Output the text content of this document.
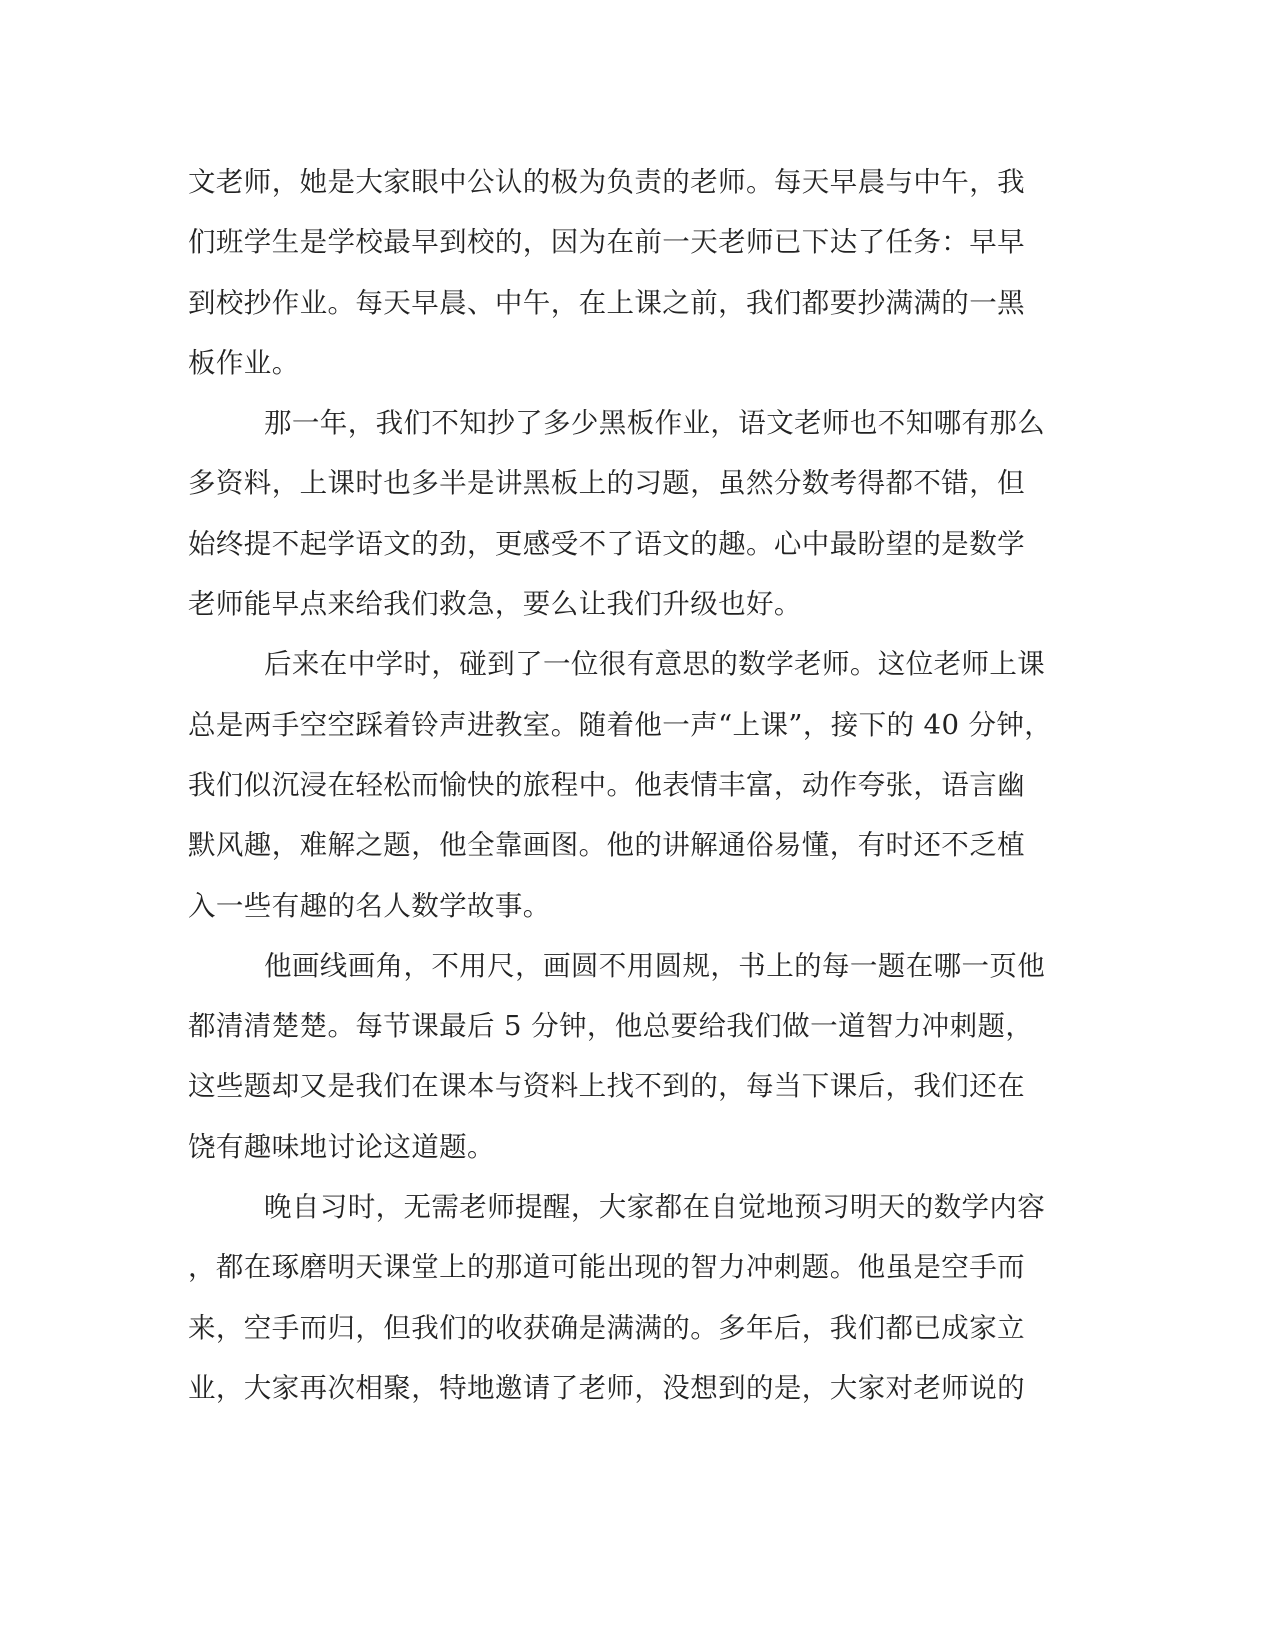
文老师，她是大家眼中公认的极为负责的老师。每天早晨与中午，我
们班学生是学校最早到校的，因为在前一天老师已下达了任务：早早
到校抄作业。每天早晨、中午，在上课之前，我们都要抄满满的一黑
板作业。
那一年，我们不知抄了多少黑板作业，语文老师也不知哪有那么
多资料，上课时也多半是讲黑板上的习题，虽然分数考得都不错，但
始终提不起学语文的劲，更感受不了语文的趣。心中最盼望的是数学
老师能早点来给我们救急，要么让我们升级也好。
后来在中学时，碰到了一位很有意思的数学老师。这位老师上课
总是两手空空踩着铃声进教室。随着他一声“上课”，接下的 40 分钟，
我们似沉浸在轻松而愉快的旅程中。他表情丰富，动作夸张，语言幽
默风趣，难解之题，他全靠画图。他的讲解通俗易懂，有时还不乏植
入一些有趣的名人数学故事。
他画线画角，不用尺，画圆不用圆规，书上的每一题在哪一页他
都清清楚楚。每节课最后 5 分钟，他总要给我们做一道智力冲刺题，
这些题却又是我们在课本与资料上找不到的，每当下课后，我们还在
饶有趣味地讨论这道题。
晚自习时，无需老师提醒，大家都在自觉地预习明天的数学内容
，都在琢磨明天课堂上的那道可能出现的智力冲刺题。他虽是空手而
来，空手而归，但我们的收获确是满满的。多年后，我们都已成家立
业，大家再次相聚，特地邀请了老师，没想到的是，大家对老师说的
